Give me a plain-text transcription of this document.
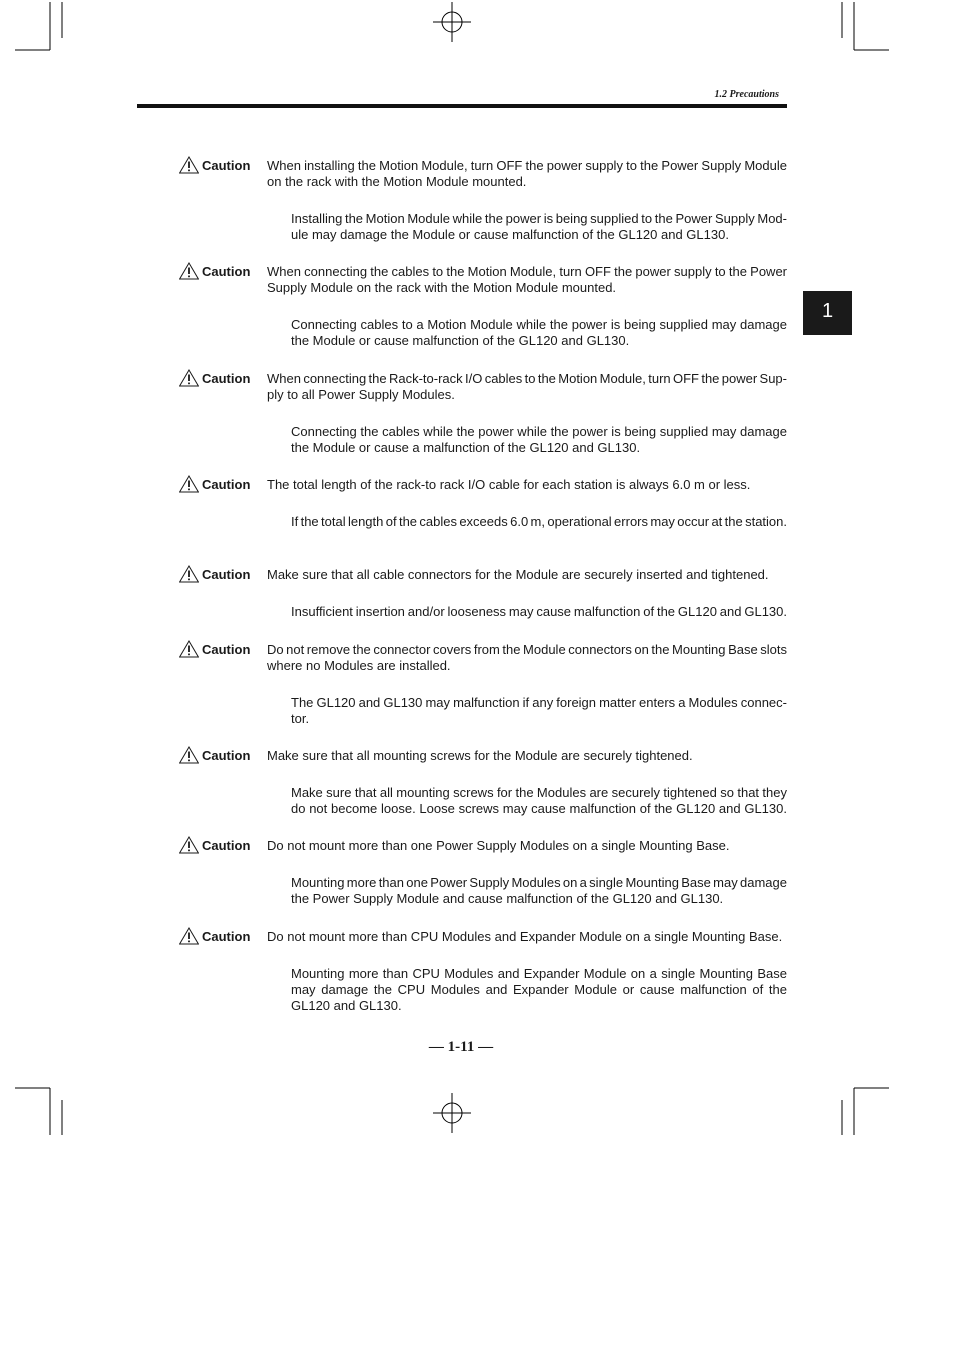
1.2 Precautions
1
Caution When installing the Motion Module, turn OFF the power supply to the Power Supply Module
on the rack with the Motion Module mounted.
Installing the Motion Module while the power is being supplied to the Power Supply Mod-
ule may damage the Module or cause malfunction of the GL120 and GL130.
Caution When connecting the cables to the Motion Module, turn OFF the power supply to the Power
Supply Module on the rack with the Motion Module mounted.
Connecting cables to a Motion Module while the power is being supplied may damage
the Module or cause malfunction of the GL120 and GL130.
Caution When connecting the Rack-to-rack I/O cables to the Motion Module, turn OFF the power Sup-
ply to all Power Supply Modules.
Connecting the cables while the power while the power is being supplied may damage
the Module or cause a malfunction of the GL120 and GL130.
Caution The total length of the rack-to rack I/O cable for each station is always 6.0 m or less.
If the total length of the cables exceeds 6.0 m, operational errors may occur at the station.
Caution Make sure that all cable connectors for the Module are securely inserted and tightened.
Insufficient insertion and/or looseness may cause malfunction of the GL120 and GL130.
Caution Do not remove the connector covers from the Module connectors on the Mounting Base slots
where no Modules are installed.
The GL120 and GL130 may malfunction if any foreign matter enters a Modules connec-
tor.
Caution Make sure that all mounting screws for the Module are securely tightened.
Make sure that all mounting screws for the Modules are securely tightened so that they
do not become loose. Loose screws may cause malfunction of the GL120 and GL130.
Caution Do not mount more than one Power Supply Modules on a single Mounting Base.
Mounting more than one Power Supply Modules on a single Mounting Base may damage
the Power Supply Module and cause malfunction of the GL120 and GL130.
Caution Do not mount more than CPU Modules and Expander Module on a single Mounting Base.
Mounting more than CPU Modules and Expander Module on a single Mounting Base
may damage the CPU Modules and Expander Module or cause malfunction of the
GL120 and GL130.
— 1-11 —
